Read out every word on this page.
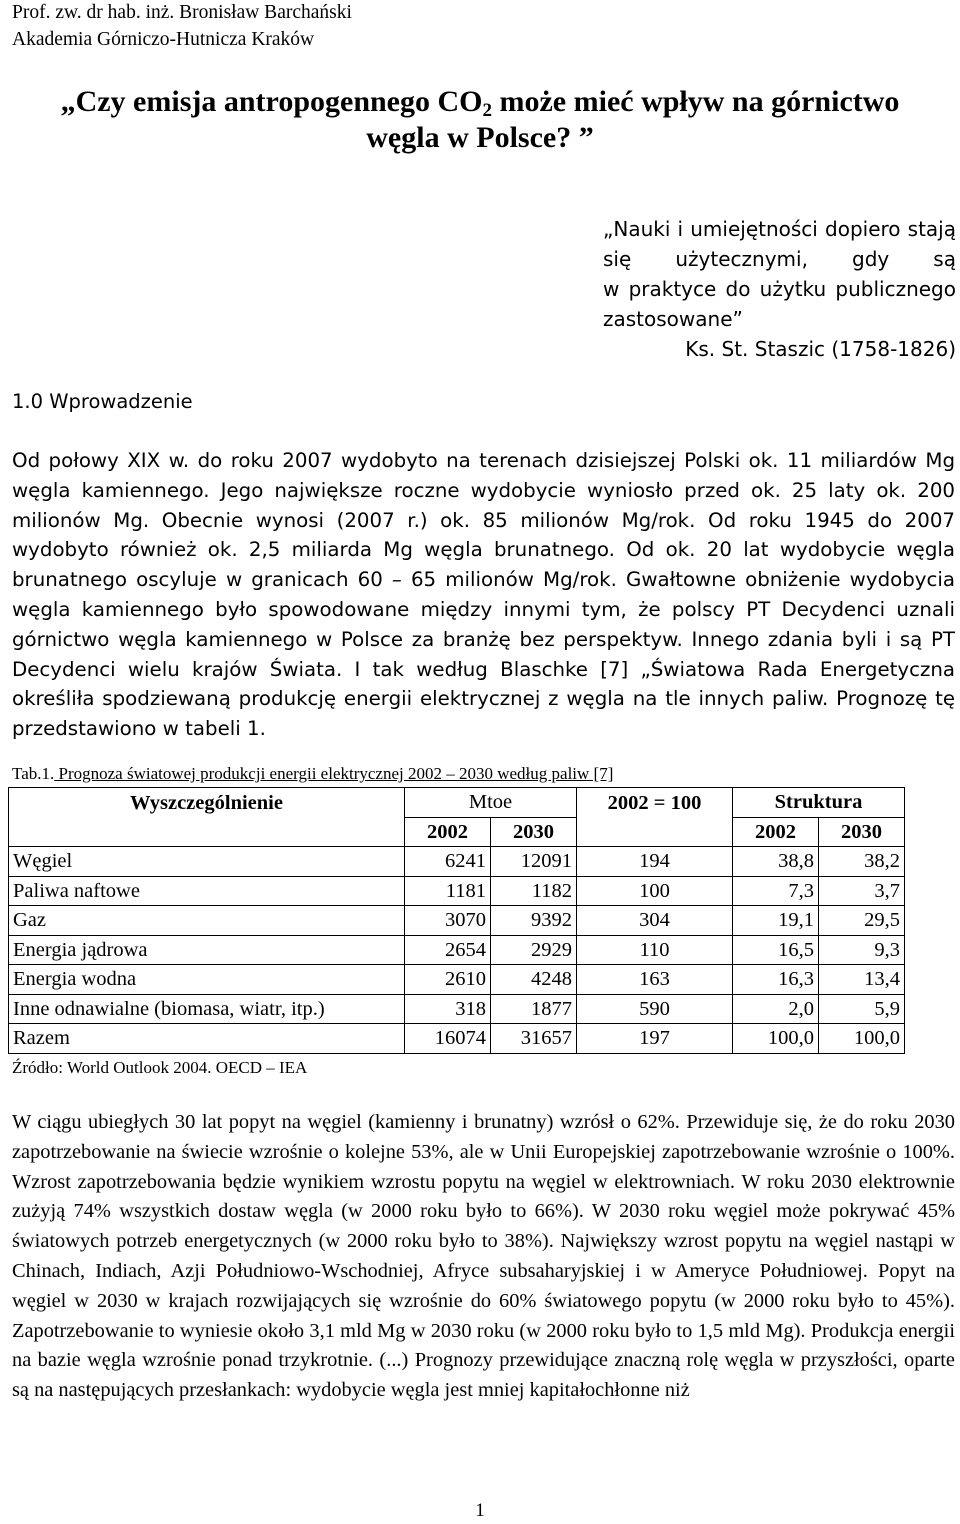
Prof. zw. dr hab. inż. Bronisław Barchański
Akademia Górniczo-Hutnicza Kraków
„Czy emisja antropogennego $CO_2$ może mieć wpływ na górnictwo
węgla w Polsce? ”
„Nauki i umiejętności dopiero stają
się użytecznymi, gdy są
w praktyce do użytku publicznego
zastosowane”
Ks. St. Staszic (1758-1826)
1.0 Wprowadzenie
Od połowy XIX w. do roku 2007 wydobyto na terenach dzisiejszej Polski ok. 11 miliardów Mg węgla kamiennego. Jego największe roczne wydobycie wyniosło przed ok. 25 laty ok. 200 milionów Mg. Obecnie wynosi (2007 r.) ok. 85 milionów Mg/rok. Od roku 1945 do 2007 wydobyto również ok. 2,5 miliarda Mg węgla brunatnego. Od ok. 20 lat wydobycie węgla brunatnego oscyluje w granicach 60 – 65 milionów Mg/rok. Gwałtowne obniżenie wydobycia węgla kamiennego było spowodowane między innymi tym, że polscy PT Decydenci uznali górnictwo węgla kamiennego w Polsce za branżę bez perspektyw. Innego zdania byli i są PT Decydenci wielu krajów Świata. I tak według Blaschke [7] „Światowa Rada Energetyczna określiła spodziewaną produkcję energii elektrycznej z węgla na tle innych paliw. Prognozę tę przedstawiono w tabeli 1.
Tab.1. Prognoza światowej produkcji energii elektrycznej 2002 – 2030 według paliw [7]
Wyszczególnienie	Mtoe		2002 = 100	Struktura	
	2002	2030		2002	2030
Węgiel	6241	12091	194	38,8	38,2
Paliwa naftowe	1181	1182	100	7,3	3,7
Gaz	3070	9392	304	19,1	29,5
Energia jądrowa	2654	2929	110	16,5	9,3
Energia wodna	2610	4248	163	16,3	13,4
Inne odnawialne (biomasa, wiatr, itp.)	318	1877	590	2,0	5,9
Razem	16074	31657	197	100,0	100,0
Źródło: World Outlook 2004. OECD – IEA
W ciągu ubiegłych 30 lat popyt na węgiel (kamienny i brunatny) wzrósł o 62%. Przewiduje się, że do roku 2030 zapotrzebowanie na świecie wzrośnie o kolejne 53%, ale w Unii Europejskiej zapotrzebowanie wzrośnie o 100%. Wzrost zapotrzebowania będzie wynikiem wzrostu popytu na węgiel w elektrowniach. W roku 2030 elektrownie zużyją 74% wszystkich dostaw węgla (w 2000 roku było to 66%). W 2030 roku węgiel może pokrywać 45% światowych potrzeb energetycznych (w 2000 roku było to 38%). Największy wzrost popytu na węgiel nastąpi w Chinach, Indiach, Azji Południowo-Wschodniej, Afryce subsaharyjskiej i w Ameryce Południowej. Popyt na węgiel w 2030 w krajach rozwijających się wzrośnie do 60% światowego popytu (w 2000 roku było to 45%). Zapotrzebowanie to wyniesie około 3,1 mld Mg w 2030 roku (w 2000 roku było to 1,5 mld Mg). Produkcja energii na bazie węgla wzrośnie ponad trzykrotnie. (...) Prognozy przewidujące znaczną rolę węgla w przyszłości, oparte są na następujących przesłankach: wydobycie węgla jest mniej kapitałochłonne niż
1
